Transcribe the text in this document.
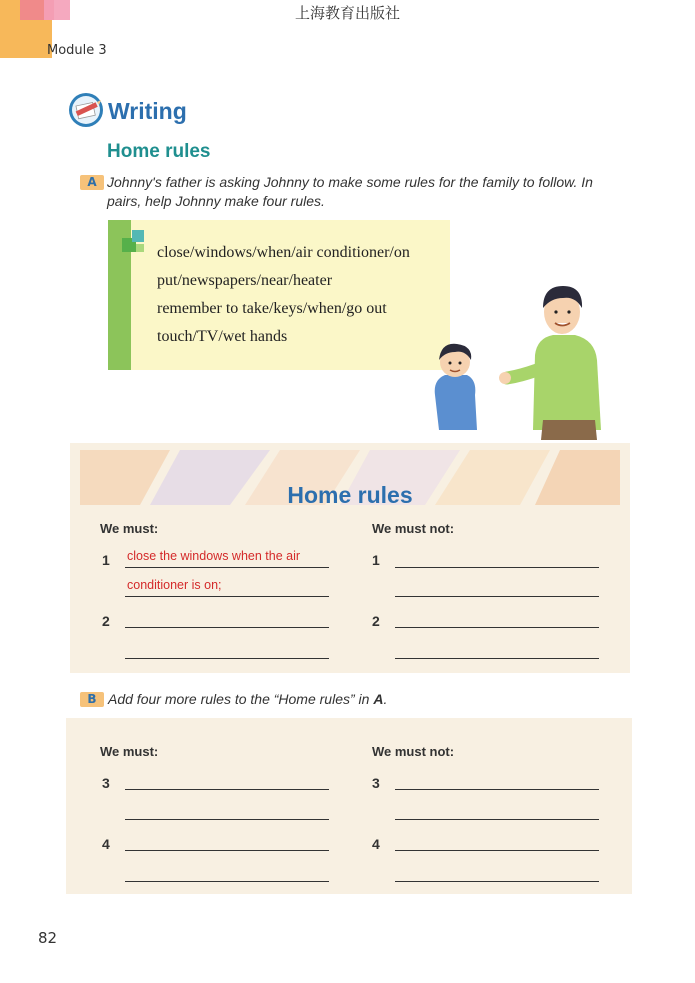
上海教育出版社
Module 3
Writing
Home rules
A Johnny's father is asking Johnny to make some rules for the family to follow. In
pairs, help Johnny make four rules.
close/windows/when/air conditioner/on
put/newspapers/near/heater
remember to take/keys/when/go out
touch/TV/wet hands
Home rules
We must:	We must not:
1 close the windows when the air
conditioner is on;
1
2	2
B Add four more rules to the “Home rules” in A.
We must:	We must not:
3	3
4	4
82
